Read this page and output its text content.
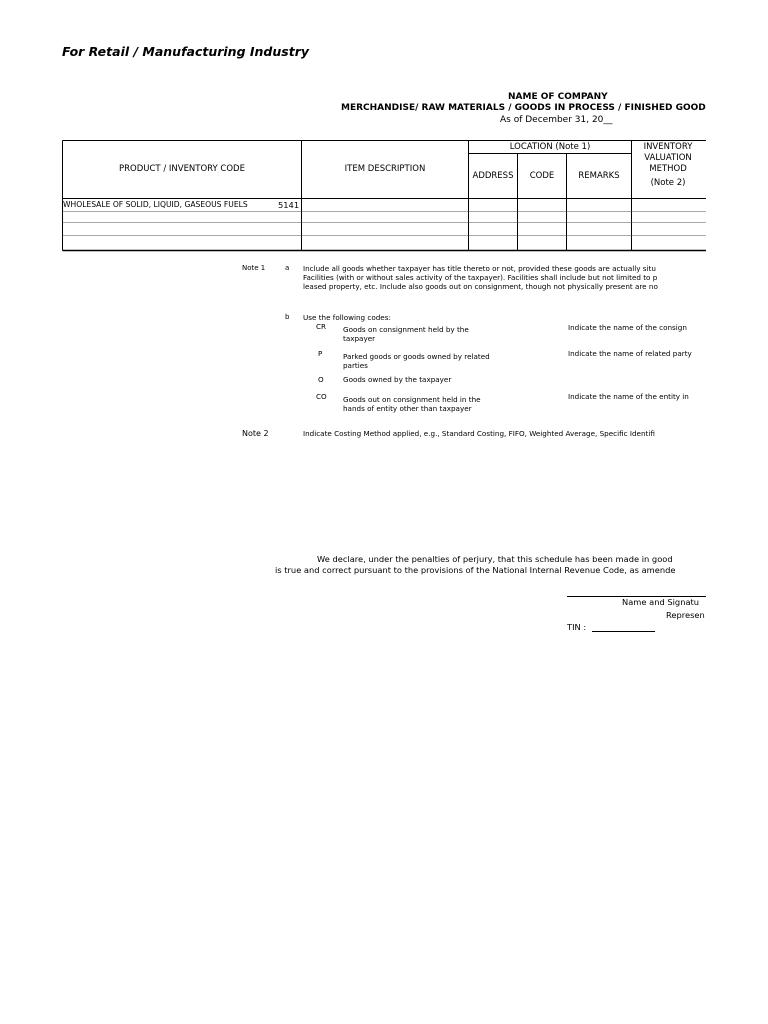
For Retail / Manufacturing Industry
NAME OF COMPANY
MERCHANDISE/ RAW MATERIALS / GOODS IN PROCESS / FINISHED GOOD
As of December 31, 20__
PRODUCT / INVENTORY CODE	ITEM DESCRIPTION
LOCATION (Note 1)
ADDRESS	CODE	REMARKS
INVENTORY
VALUATION
METHOD
(Note 2)
WHOLESALE OF SOLID, LIQUID, GASEOUS FUELS	5141
Note 1	a Include all goods whether taxpayer has title thereto or not, provided these goods are actually situ
Facilities (with or without sales activity of the taxpayer). Facilities shall include but not limited to p
leased property, etc. Include also goods out on consignment, though not physically present are no
b Use the following codes:
CR Goods on consignment held by the
taxpayer
Indicate the name of the consign
P	Parked goods or goods owned by related
parties
Indicate the name of related party
O	Goods owned by the taxpayer
CO Goods out on consignment held in the
hands of entity other than taxpayer
Indicate the name of the entity in
Note 2	Indicate Costing Method applied, e.g., Standard Costing, FIFO, Weighted Average, Specific Identifi
We declare, under the penalties of perjury, that this schedule has been made in good
is true and correct pursuant to the provisions of the National Internal Revenue Code, as amende
Name and Signatu
Represen
TIN :
